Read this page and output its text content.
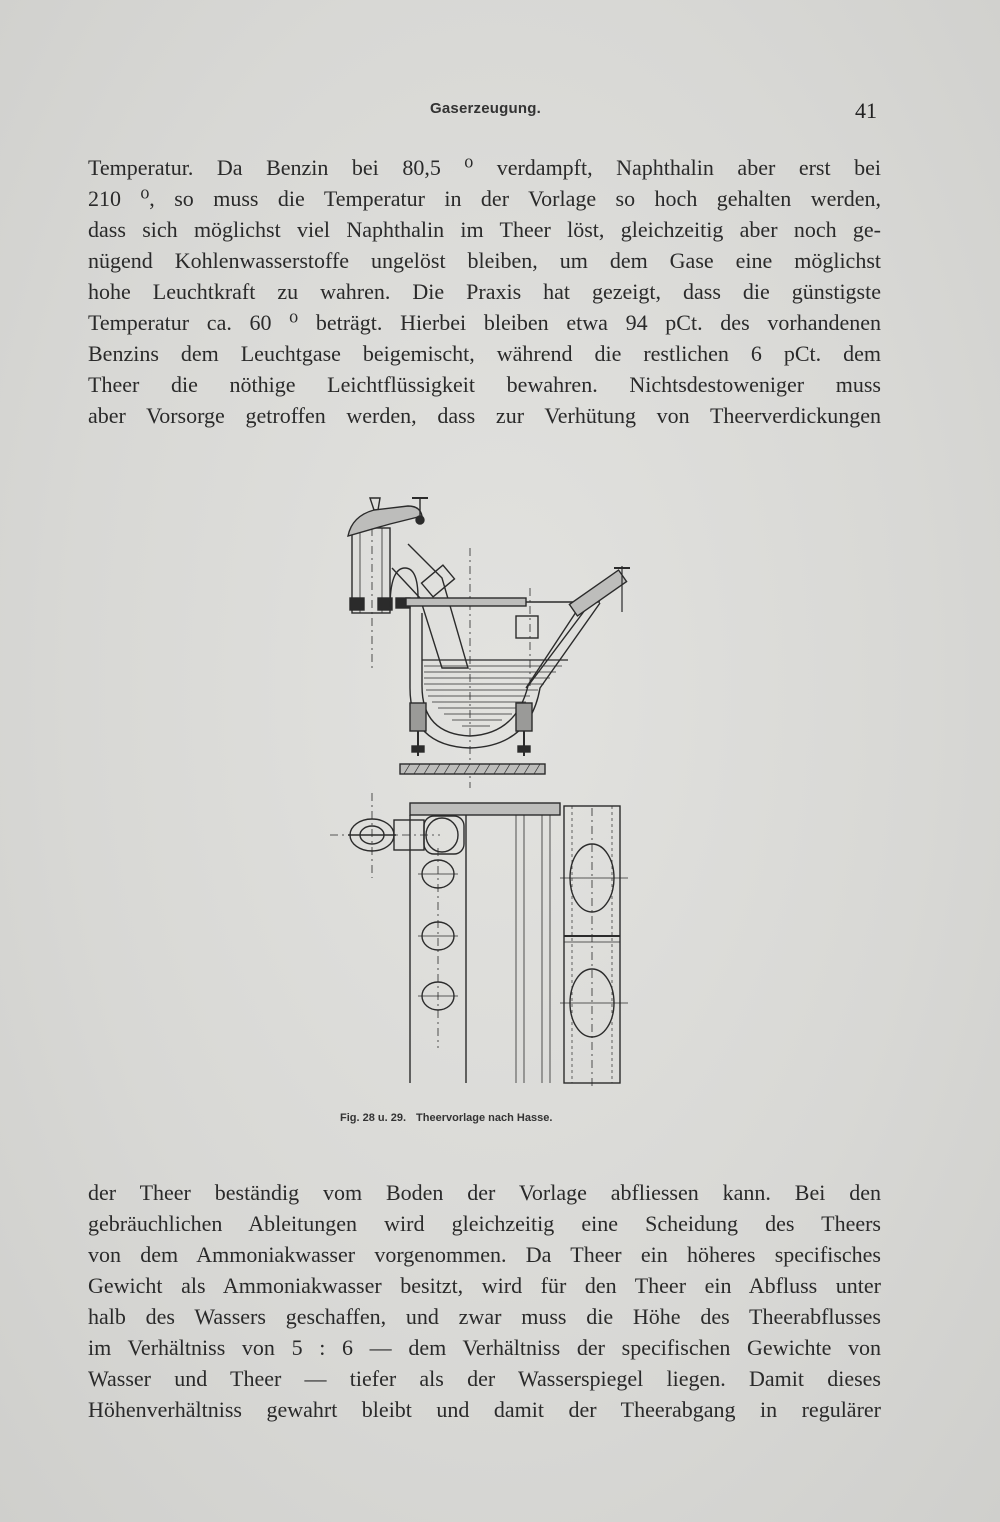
Gaserzeugung.	41
Temperatur. Da Benzin bei 80,5 ⁰ verdampft, Naphthalin aber erst bei
210 ⁰, so muss die Temperatur in der Vorlage so hoch gehalten werden,
dass sich möglichst viel Naphthalin im Theer löst, gleichzeitig aber noch ge-
nügend Kohlenwasserstoffe ungelöst bleiben, um dem Gase eine möglichst
hohe Leuchtkraft zu wahren. Die Praxis hat gezeigt, dass die günstigste
Temperatur ca. 60 ⁰ beträgt. Hierbei bleiben etwa 94 pCt. des vorhandenen
Benzins dem Leuchtgase beigemischt, während die restlichen 6 pCt. dem
Theer die nöthige Leichtflüssigkeit bewahren. Nichtsdestoweniger muss
aber Vorsorge getroffen werden, dass zur Verhütung von Theerverdickungen
Fig. 28 u. 29. Theervorlage nach Hasse.
der Theer beständig vom Boden der Vorlage abfliessen kann. Bei den
gebräuchlichen Ableitungen wird gleichzeitig eine Scheidung des Theers
von dem Ammoniakwasser vorgenommen. Da Theer ein höheres specifisches
Gewicht als Ammoniakwasser besitzt, wird für den Theer ein Abfluss unter
halb des Wassers geschaffen, und zwar muss die Höhe des Theerabflusses
im Verhältniss von 5 : 6 — dem Verhältniss der specifischen Gewichte von
Wasser und Theer — tiefer als der Wasserspiegel liegen. Damit dieses
Höhenverhältniss gewahrt bleibt und damit der Theerabgang in regulärer
